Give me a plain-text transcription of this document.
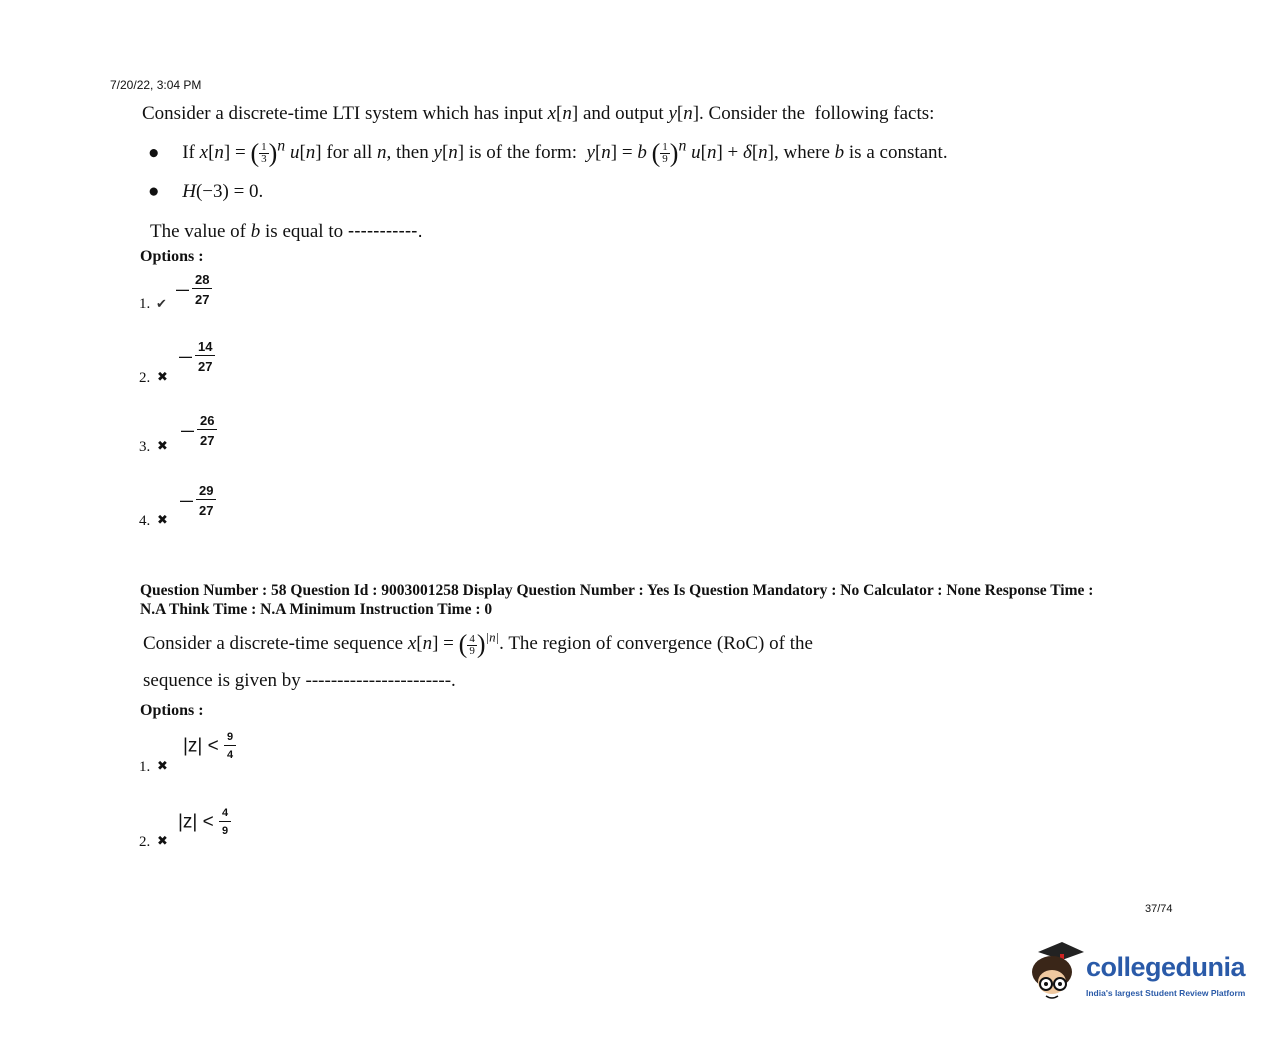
7/20/22, 3:04 PM
Consider a discrete-time LTI system which has input x[n] and output y[n]. Consider the  following facts:
● If x[n] = ( $\frac{1}{3} )^n$ u[n] for all n, then y[n] is of the form:  y[n] = b ( $\frac{1}{9} )^n$ u[n] + δ[n], where b is a constant.
● H(−3) = 0.
The value of b is equal to -----------.
Options :
1. ✔
— $\frac{28}{27}$
2. ✖
— $\frac{14}{27}$
3. ✖
— $\frac{26}{27}$
4. ✖
— $\frac{29}{27}$
Question Number : 58 Question Id : 9003001258 Display Question Number : Yes Is Question Mandatory : No Calculator : None Response Time :
N.A Think Time : N.A Minimum Instruction Time : 0
Consider a discrete-time sequence x[n] = ( $\frac{4}{9} )^{|n|}$. The region of convergence (RoC) of the
sequence is given by -----------------------.
Options :
1. ✖
$|z| < \frac{9}{4}$
2. ✖
$|z| < \frac{4}{9}$
37/74
collegedunia
India's largest Student Review Platform
